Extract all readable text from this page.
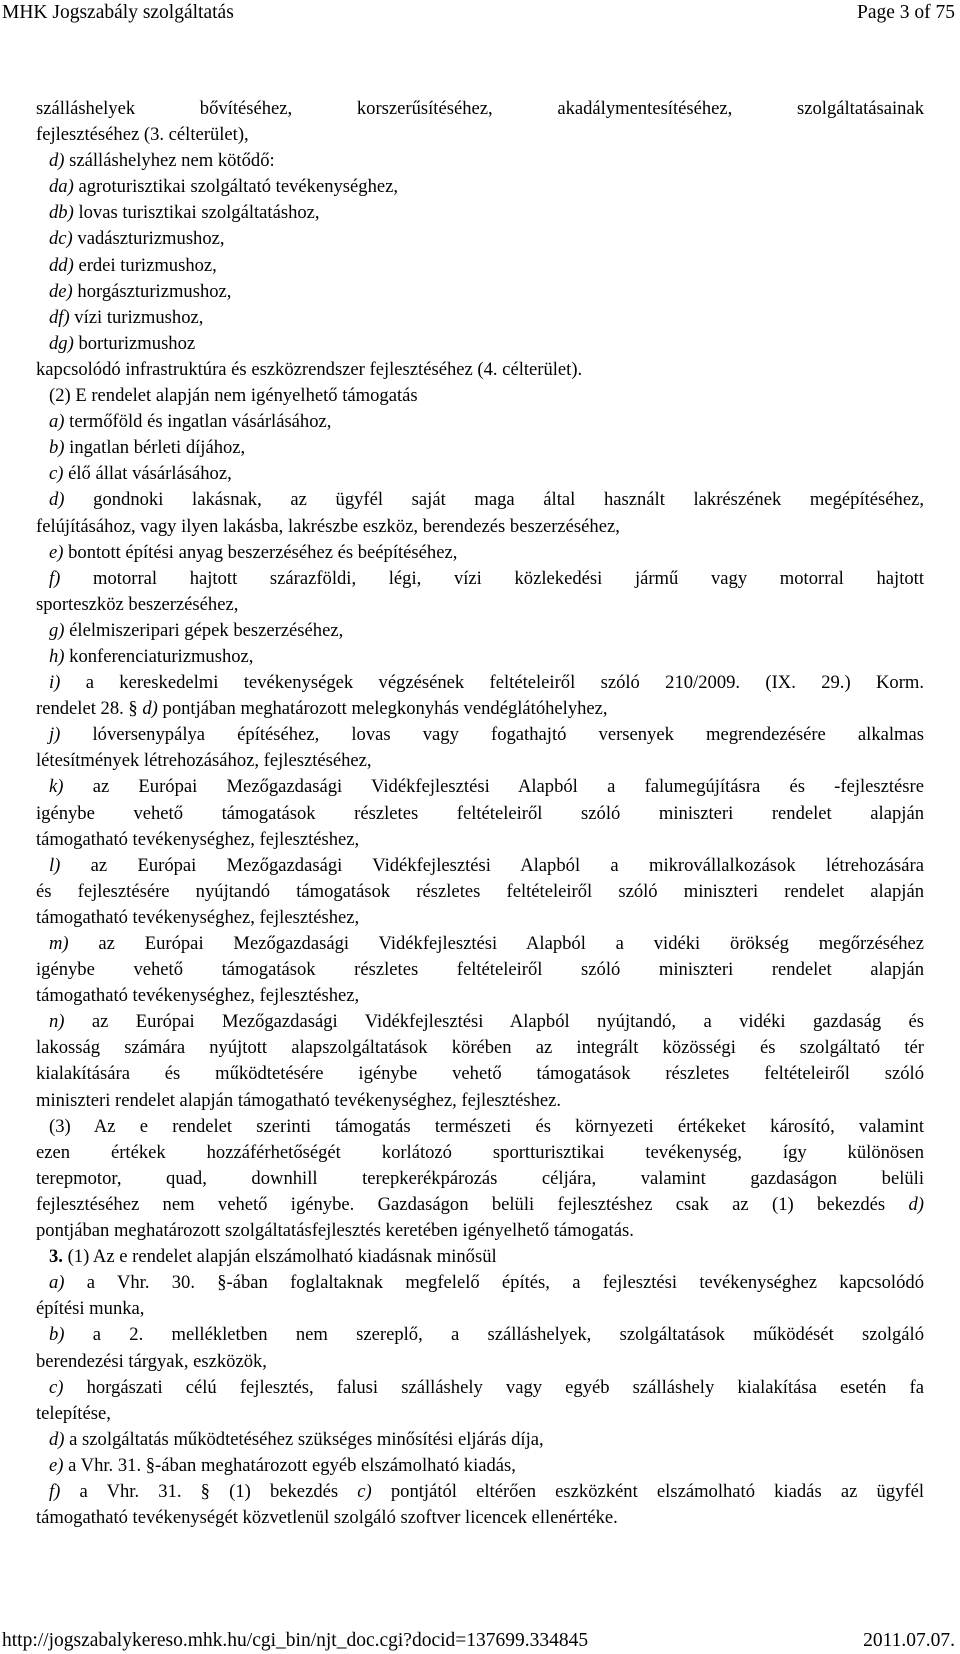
MHK Jogszabály szolgáltatás	Page 3 of 75
szálláshelyek bővítéséhez, korszerűsítéséhez, akadálymentesítéséhez, szolgáltatásainak
fejlesztéséhez (3. célterület),
d) szálláshelyhez nem kötődő:
da) agroturisztikai szolgáltató tevékenységhez,
db) lovas turisztikai szolgáltatáshoz,
dc) vadászturizmushoz,
dd) erdei turizmushoz,
de) horgászturizmushoz,
df) vízi turizmushoz,
dg) borturizmushoz
kapcsolódó infrastruktúra és eszközrendszer fejlesztéséhez (4. célterület).
(2) E rendelet alapján nem igényelhető támogatás
a) termőföld és ingatlan vásárlásához,
b) ingatlan bérleti díjához,
c) élő állat vásárlásához,
d) gondnoki lakásnak, az ügyfél saját maga által használt lakrészének megépítéséhez,
felújításához, vagy ilyen lakásba, lakrészbe eszköz, berendezés beszerzéséhez,
e) bontott építési anyag beszerzéséhez és beépítéséhez,
f) motorral hajtott szárazföldi, légi, vízi közlekedési jármű vagy motorral hajtott
sporteszköz beszerzéséhez,
g) élelmiszeripari gépek beszerzéséhez,
h) konferenciaturizmushoz,
i) a kereskedelmi tevékenységek végzésének feltételeiről szóló 210/2009. (IX. 29.) Korm.
rendelet 28. § d) pontjában meghatározott melegkonyhás vendéglátóhelyhez,
j) lóversenypálya építéséhez, lovas vagy fogathajtó versenyek megrendezésére alkalmas
létesítmények létrehozásához, fejlesztéséhez,
k) az Európai Mezőgazdasági Vidékfejlesztési Alapból a falumegújításra és -fejlesztésre
igénybe vehető támogatások részletes feltételeiről szóló miniszteri rendelet alapján
támogatható tevékenységhez, fejlesztéshez,
l) az Európai Mezőgazdasági Vidékfejlesztési Alapból a mikrovállalkozások létrehozására
és fejlesztésére nyújtandó támogatások részletes feltételeiről szóló miniszteri rendelet alapján
támogatható tevékenységhez, fejlesztéshez,
m) az Európai Mezőgazdasági Vidékfejlesztési Alapból a vidéki örökség megőrzéséhez
igénybe vehető támogatások részletes feltételeiről szóló miniszteri rendelet alapján
támogatható tevékenységhez, fejlesztéshez,
n) az Európai Mezőgazdasági Vidékfejlesztési Alapból nyújtandó, a vidéki gazdaság és
lakosság számára nyújtott alapszolgáltatások körében az integrált közösségi és szolgáltató tér
kialakítására és működtetésére igénybe vehető támogatások részletes feltételeiről szóló
miniszteri rendelet alapján támogatható tevékenységhez, fejlesztéshez.
(3) Az e rendelet szerinti támogatás természeti és környezeti értékeket károsító, valamint
ezen értékek hozzáférhetőségét korlátozó sportturisztikai tevékenység, így különösen
terepmotor, quad, downhill terepkerékpározás céljára, valamint gazdaságon belüli
fejlesztéséhez nem vehető igénybe. Gazdaságon belüli fejlesztéshez csak az (1) bekezdés d)
pontjában meghatározott szolgáltatásfejlesztés keretében igényelhető támogatás.
3. (1) Az e rendelet alapján elszámolható kiadásnak minősül
a) a Vhr. 30. §-ában foglaltaknak megfelelő építés, a fejlesztési tevékenységhez kapcsolódó
építési munka,
b) a 2. mellékletben nem szereplő, a szálláshelyek, szolgáltatások működését szolgáló
berendezési tárgyak, eszközök,
c) horgászati célú fejlesztés, falusi szálláshely vagy egyéb szálláshely kialakítása esetén fa
telepítése,
d) a szolgáltatás működtetéséhez szükséges minősítési eljárás díja,
e) a Vhr. 31. §-ában meghatározott egyéb elszámolható kiadás,
f) a Vhr. 31. § (1) bekezdés c) pontjától eltérően eszközként elszámolható kiadás az ügyfél
támogatható tevékenységét közvetlenül szolgáló szoftver licencek ellenértéke.
http://jogszabalykereso.mhk.hu/cgi_bin/njt_doc.cgi?docid=137699.334845	2011.07.07.
